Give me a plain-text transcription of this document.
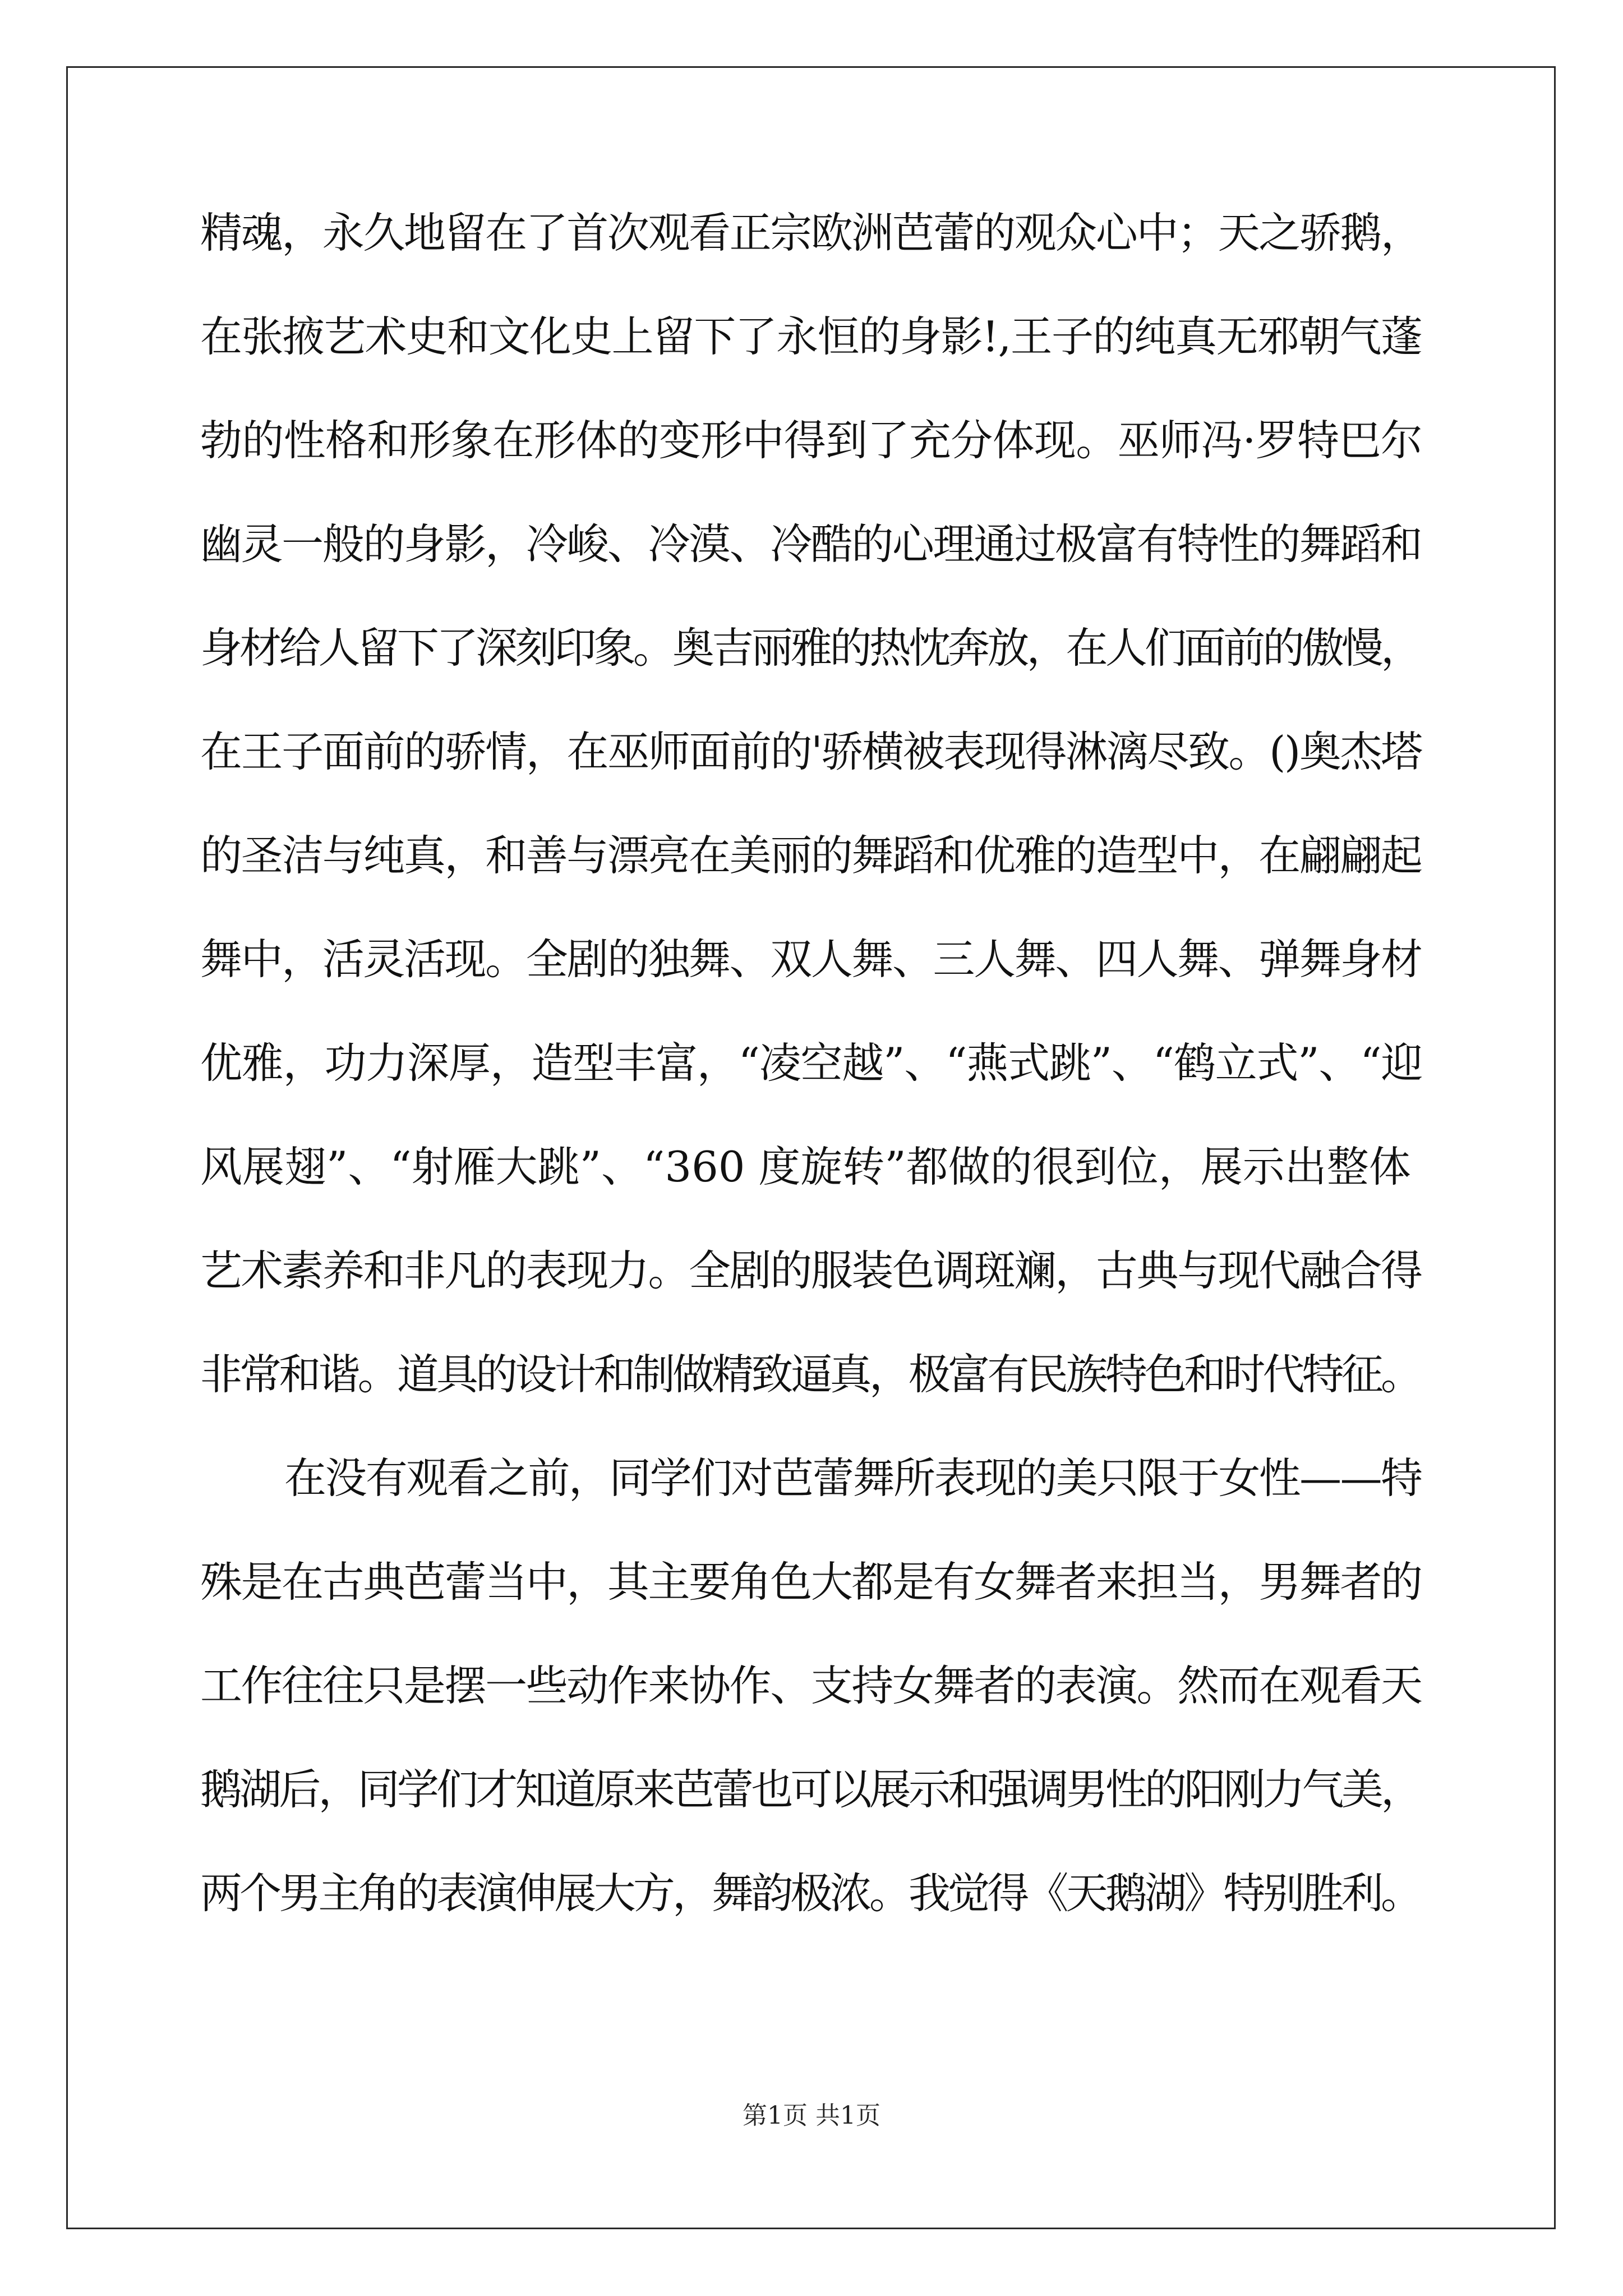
精魂，永久地留在了首次观看正宗欧洲芭蕾的观众心中；天之骄鹅，
在张掖艺术史和文化史上留下了永恒的身影!,王子的纯真无邪朝气蓬
勃的性格和形象在形体的变形中得到了充分体现。巫师冯·罗特巴尔
幽灵一般的身影，冷峻、冷漠、冷酷的心理通过极富有特性的舞蹈和
身材给人留下了深刻印象。奥吉丽雅的热忱奔放，在人们面前的傲慢，
在王子面前的骄情，在巫师面前的'骄横被表现得淋漓尽致。()奥杰塔
的圣洁与纯真，和善与漂亮在美丽的舞蹈和优雅的造型中，在翩翩起
舞中，活灵活现。全剧的独舞、双人舞、三人舞、四人舞、弹舞身材
优雅，功力深厚，造型丰富，“凌空越”、“燕式跳”、“鹤立式”、“迎
风展翅”、“射雁大跳”、“360 度旋转”都做的很到位，展示出整体
艺术素养和非凡的表现力。全剧的服装色调斑斓，古典与现代融合得
非常和谐。道具的设计和制做精致逼真，极富有民族特色和时代特征。
在没有观看之前，同学们对芭蕾舞所表现的美只限于女性——特
殊是在古典芭蕾当中，其主要角色大都是有女舞者来担当，男舞者的
工作往往只是摆一些动作来协作、支持女舞者的表演。然而在观看天
鹅湖后，同学们才知道原来芭蕾也可以展示和强调男性的阳刚力气美，
两个男主角的表演伸展大方，舞韵极浓。我觉得《天鹅湖》特别胜利。
第1页 共1页
